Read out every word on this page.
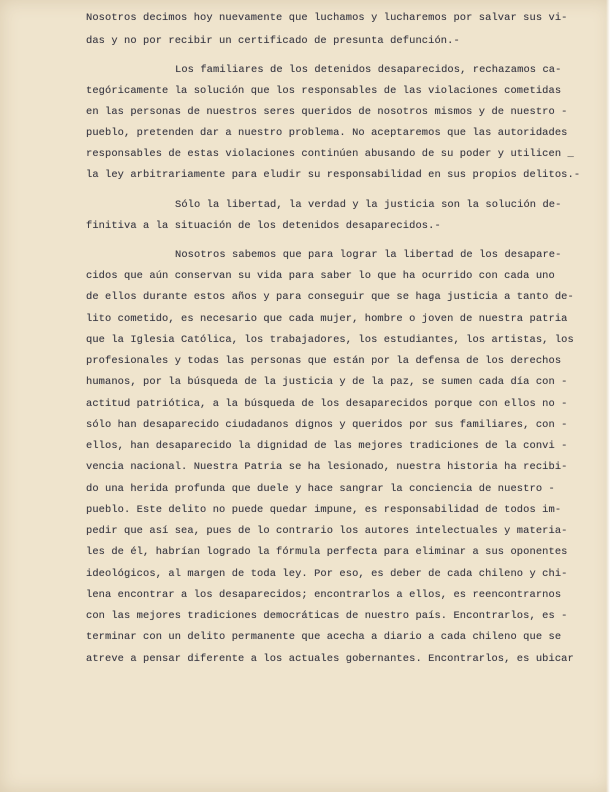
Nosotros decimos hoy nuevamente que luchamos y lucharemos por salvar sus vi-
das y no por recibir un certificado de presunta defunción.-
Los familiares de los detenidos desaparecidos, rechazamos ca-
tegóricamente la solución que los responsables de las violaciones cometidas
en las personas de nuestros seres queridos de nosotros mismos y de nuestro -
pueblo, pretenden dar a nuestro problema. No aceptaremos que las autoridades
responsables de estas violaciones continúen abusando de su poder y utilicen _
la ley arbitrariamente para eludir su responsabilidad en sus propios delitos.-
Sólo la libertad, la verdad y la justicia son la solución de-
finitiva a la situación de los detenidos desaparecidos.-
Nosotros sabemos que para lograr la libertad de los desapare-
cidos que aún conservan su vida para saber lo que ha ocurrido con cada uno
de ellos durante estos años y para conseguir que se haga justicia a tanto de-
lito cometido, es necesario que cada mujer, hombre o joven de nuestra patria
que la Iglesia Católica, los trabajadores, los estudiantes, los artistas, los
profesionales y todas las personas que están por la defensa de los derechos
humanos, por la búsqueda de la justicia y de la paz, se sumen cada día con -
actitud patriótica, a la búsqueda de los desaparecidos porque con ellos no -
sólo han desaparecido ciudadanos dignos y queridos por sus familiares, con -
ellos, han desaparecido la dignidad de las mejores tradiciones de la convi -
vencia nacional. Nuestra Patria se ha lesionado, nuestra historia ha recibi-
do una herida profunda que duele y hace sangrar la conciencia de nuestro -
pueblo. Este delito no puede quedar impune, es responsabilidad de todos im-
pedir que así sea, pues de lo contrario los autores intelectuales y materia-
les de él, habrían logrado la fórmula perfecta para eliminar a sus oponentes
ideológicos, al margen de toda ley. Por eso, es deber de cada chileno y chi-
lena encontrar a los desaparecidos; encontrarlos a ellos, es reencontrarnos
con las mejores tradiciones democráticas de nuestro país. Encontrarlos, es -
terminar con un delito permanente que acecha a diario a cada chileno que se
atreve a pensar diferente a los actuales gobernantes. Encontrarlos, es ubicar
